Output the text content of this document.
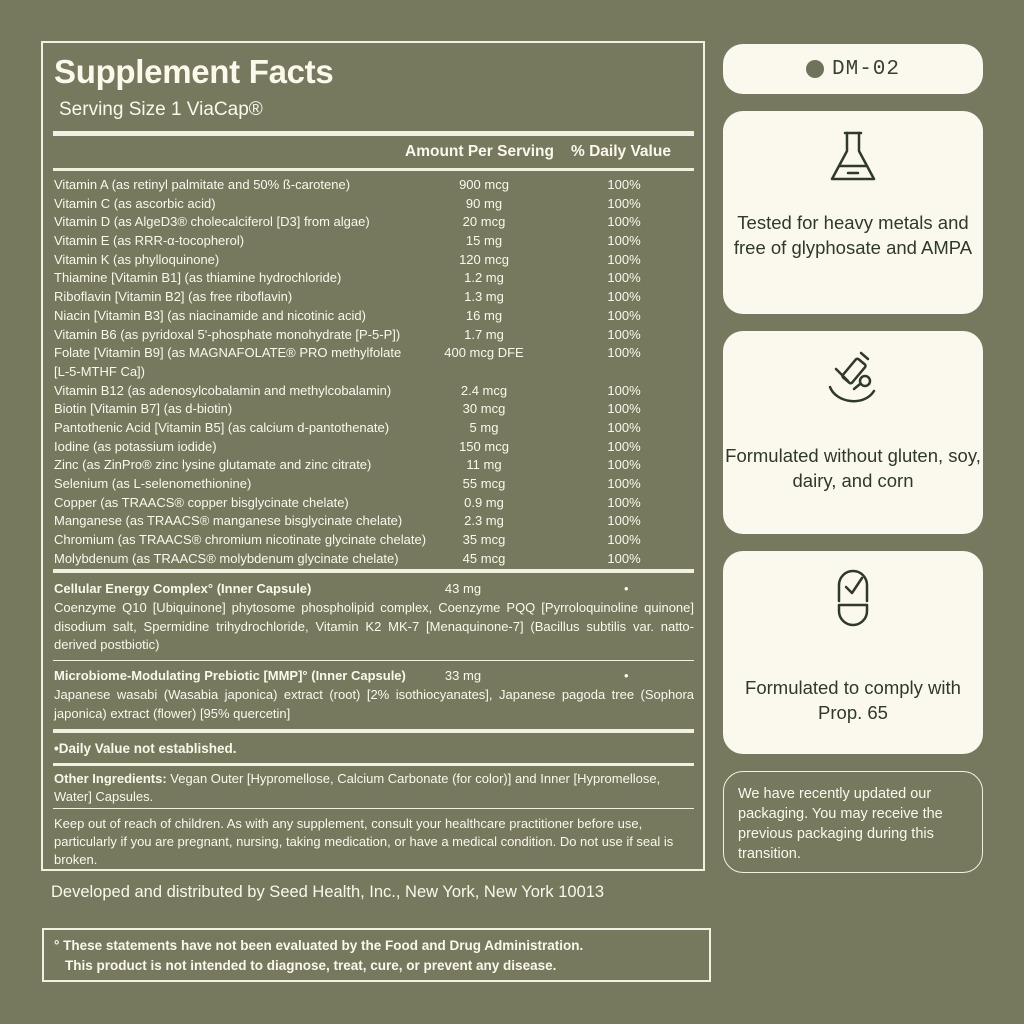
Supplement Facts
Serving Size 1 ViaCap®
Amount Per Serving % Daily Value
Vitamin A (as retinyl palmitate and 50% ß-carotene)	900 mcg	100%
Vitamin C (as ascorbic acid)	90 mg	100%
Vitamin D (as AlgeD3® cholecalciferol [D3] from algae)	20 mcg	100%
Vitamin E (as RRR-α-tocopherol)	15 mg	100%
Vitamin K (as phylloquinone)	120 mcg	100%
Thiamine [Vitamin B1] (as thiamine hydrochloride)	1.2 mg	100%
Riboflavin [Vitamin B2] (as free riboflavin)	1.3 mg	100%
Niacin [Vitamin B3] (as niacinamide and nicotinic acid)	16 mg	100%
Vitamin B6 (as pyridoxal 5'-phosphate monohydrate [P-5-P])	1.7 mg	100%
Folate [Vitamin B9] (as MAGNAFOLATE® PRO methylfolate [L-5-MTHF Ca])
400 mcg DFE	100%
Vitamin B12 (as adenosylcobalamin and methylcobalamin)	2.4 mcg	100%
Biotin [Vitamin B7] (as d-biotin)	30 mcg	100%
Pantothenic Acid [Vitamin B5] (as calcium d-pantothenate)	5 mg	100%
Iodine (as potassium iodide)	150 mcg	100%
Zinc (as ZinPro® zinc lysine glutamate and zinc citrate)	11 mg	100%
Selenium (as L-selenomethionine)	55 mcg	100%
Copper (as TRAACS® copper bisglycinate chelate)	0.9 mg	100%
Manganese (as TRAACS® manganese bisglycinate chelate)	2.3 mg	100%
Chromium (as TRAACS® chromium nicotinate glycinate chelate)	35 mcg	100%
Molybdenum (as TRAACS® molybdenum glycinate chelate)	45 mcg	100%
Cellular Energy Complex° (Inner Capsule)	43 mg	•
Coenzyme Q10 [Ubiquinone] phytosome phospholipid complex, Coenzyme PQQ [Pyrroloquinoline quinone] disodium salt, Spermidine trihydrochloride, Vitamin K2 MK-7 [Menaquinone-7] (Bacillus subtilis var. natto-derived postbiotic)
Microbiome-Modulating Prebiotic [MMP]° (Inner Capsule)	33 mg	•
Japanese wasabi (Wasabia japonica) extract (root) [2% isothiocyanates], Japanese pagoda tree (Sophora japonica) extract (flower) [95% quercetin]
•Daily Value not established.
Other Ingredients: Vegan Outer [Hypromellose, Calcium Carbonate (for color)] and Inner [Hypromellose, Water] Capsules.
Keep out of reach of children. As with any supplement, consult your healthcare practitioner before use, particularly if you are pregnant, nursing, taking medication, or have a medical condition. Do not use if seal is broken.
Developed and distributed by Seed Health, Inc., New York, New York 10013
° These statements have not been evaluated by the Food and Drug Administration.
This product is not intended to diagnose, treat, cure, or prevent any disease.
DM-02
Tested for heavy metals and free of glyphosate and AMPA
Formulated without gluten, soy, dairy, and corn
Formulated to comply with Prop. 65
We have recently updated our packaging. You may receive the previous packaging during this transition.
